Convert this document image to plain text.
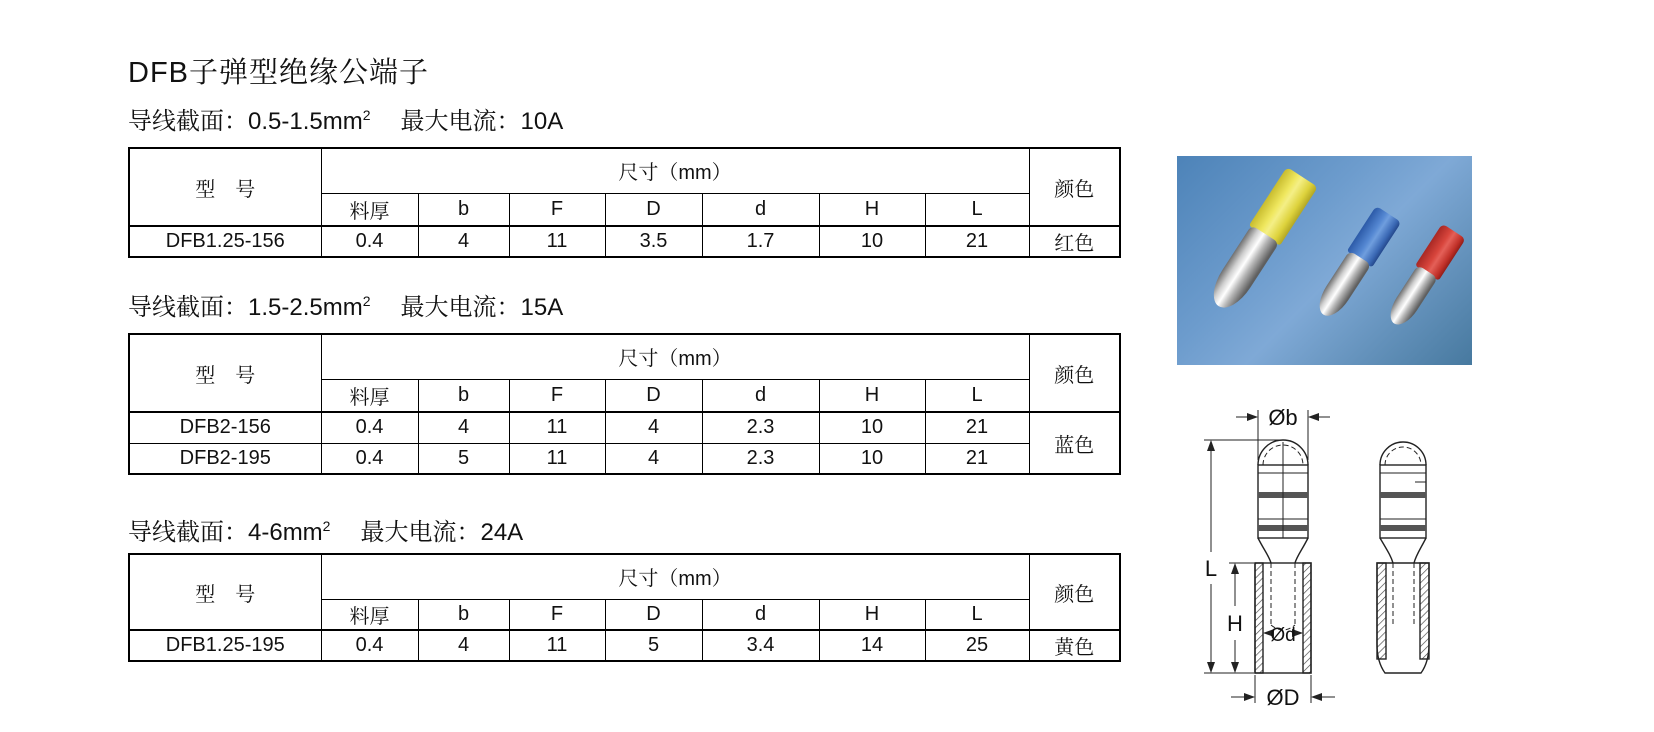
DFB子弹型绝缘公端子
导线截面：$0.5-1.5mm^2$ 最大电流：10A
型　号	尺寸（mm）							颜色
	料厚	b	F	D	d	H	L	
DFB1.25-156	0.4	4	11	3.5	1.7	10	21	红色
导线截面：$1.5-2.5mm^2$ 最大电流：15A
型　号	尺寸（mm）							颜色
	料厚	b	F	D	d	H	L	
DFB2-156	0.4	4	11	4	2.3	10	21	蓝色
DFB2-195	0.4	5	11	4	2.3	10	21	
导线截面：$4-6mm^2$ 最大电流：24A
型　号	尺寸（mm）							颜色
	料厚	b	F	D	d	H	L	
DFB1.25-195	0.4	4	11	5	3.4	14	25	黄色
Øb
L
H Ød
ØD
